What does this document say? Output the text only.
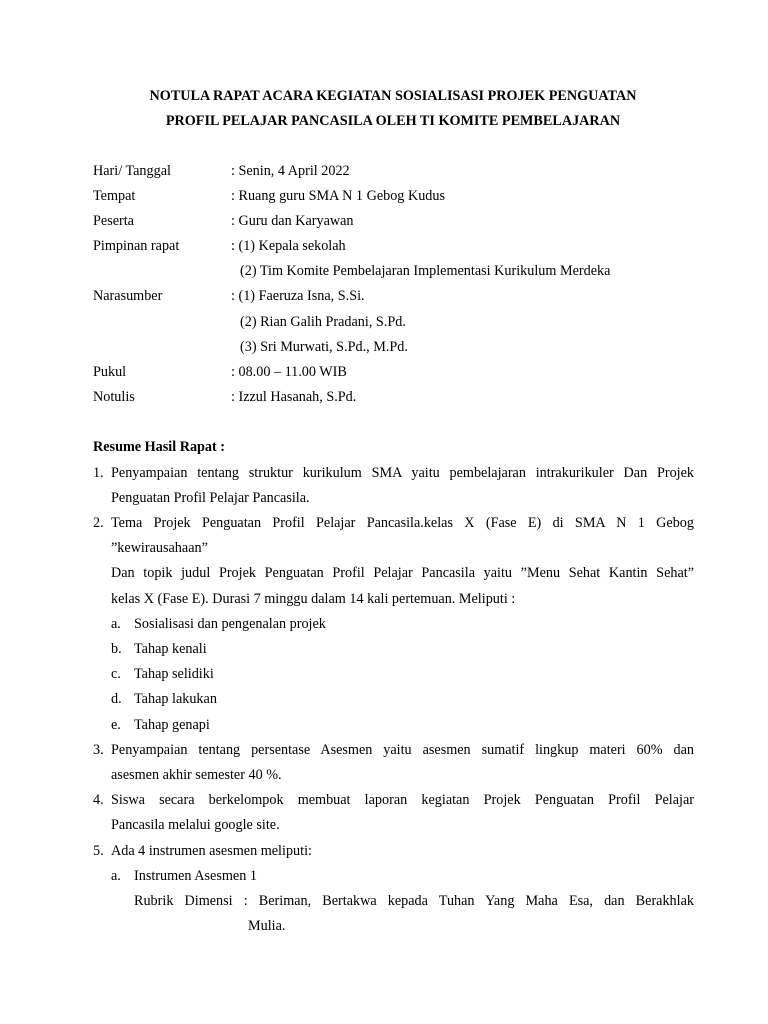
NOTULA RAPAT ACARA KEGIATAN SOSIALISASI PROJEK PENGUATAN
PROFIL PELAJAR PANCASILA OLEH TI KOMITE PEMBELAJARAN
Hari/ Tanggal	: Senin, 4 April 2022
Tempat	: Ruang guru SMA N 1 Gebog Kudus
Peserta	: Guru dan Karyawan
Pimpinan rapat	: (1) Kepala sekolah
(2) Tim Komite Pembelajaran Implementasi Kurikulum Merdeka
Narasumber	: (1) Faeruza Isna, S.Si.
(2) Rian Galih Pradani, S.Pd.
(3) Sri Murwati, S.Pd., M.Pd.
Pukul	: 08.00 – 11.00 WIB
Notulis	: Izzul Hasanah, S.Pd.
Resume Hasil Rapat :
1. Penyampaian tentang struktur kurikulum SMA yaitu pembelajaran intrakurikuler Dan Projek
Penguatan Profil Pelajar Pancasila.
2. Tema Projek Penguatan Profil Pelajar Pancasila.kelas X (Fase E) di SMA N 1 Gebog
”kewirausahaan”
Dan topik judul Projek Penguatan Profil Pelajar Pancasila yaitu ”Menu Sehat Kantin Sehat”
kelas X (Fase E). Durasi 7 minggu dalam 14 kali pertemuan. Meliputi :
a. Sosialisasi dan pengenalan projek
b. Tahap kenali
c. Tahap selidiki
d. Tahap lakukan
e. Tahap genapi
3. Penyampaian tentang persentase Asesmen yaitu asesmen sumatif lingkup materi 60% dan
asesmen akhir semester 40 %.
4. Siswa secara berkelompok membuat laporan kegiatan Projek Penguatan Profil Pelajar
Pancasila melalui google site.
5. Ada 4 instrumen asesmen meliputi:
a. Instrumen Asesmen 1
Rubrik Dimensi : Beriman, Bertakwa kepada Tuhan Yang Maha Esa, dan Berakhlak
Mulia.
